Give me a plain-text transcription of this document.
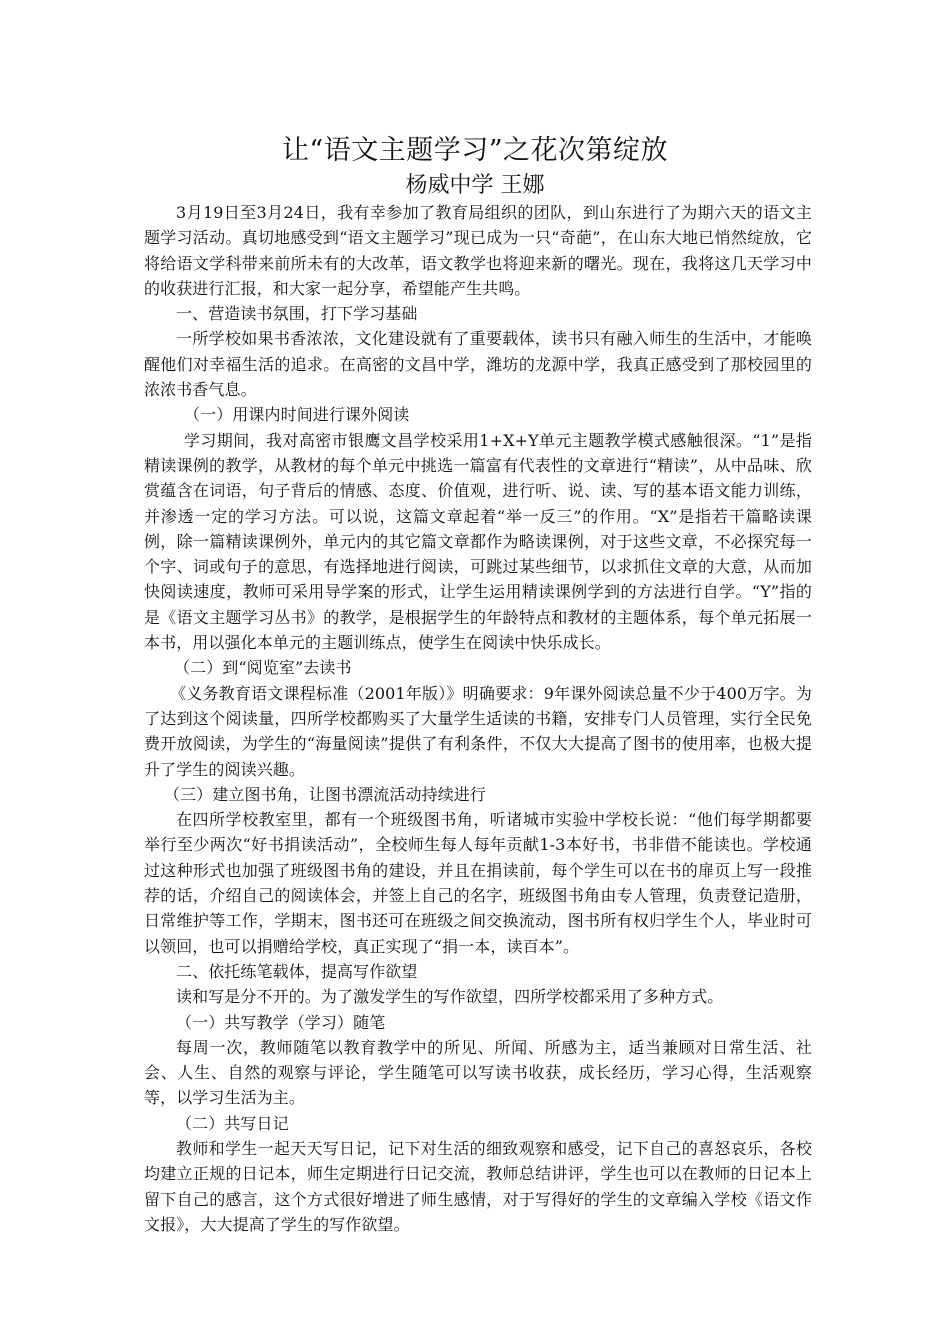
让“语文主题学习”之花次第绽放
杨威中学 王娜

3月19日至3月24日，我有幸参加了教育局组织的团队，到山东进行了为期六天的语文主题学习活动。真切地感受到“语文主题学习”现已成为一只“奇葩”，在山东大地已悄然绽放，它将给语文学科带来前所未有的大改革，语文教学也将迎来新的曙光。现在，我将这几天学习中的收获进行汇报，和大家一起分享，希望能产生共鸣。

一、营造读书氛围，打下学习基础

一所学校如果书香浓浓，文化建设就有了重要载体，读书只有融入师生的生活中，才能唤醒他们对幸福生活的追求。在高密的文昌中学，潍坊的龙源中学，我真正感受到了那校园里的浓浓书香气息。

（一）用课内时间进行课外阅读

学习期间，我对高密市银鹰文昌学校采用1+X+Y单元主题教学模式感触很深。“1”是指精读课例的教学，从教材的每个单元中挑选一篇富有代表性的文章进行“精读”，从中品味、欣赏蕴含在词语，句子背后的情感、态度、价值观，进行听、说、读、写的基本语文能力训练，并渗透一定的学习方法。可以说，这篇文章起着“举一反三”的作用。“X”是指若干篇略读课例，除一篇精读课例外，单元内的其它篇文章都作为略读课例，对于这些文章，不必探究每一个字、词或句子的意思，有选择地进行阅读，可跳过某些细节，以求抓住文章的大意，从而加快阅读速度，教师可采用导学案的形式，让学生运用精读课例学到的方法进行自学。“Y”指的是《语文主题学习丛书》的教学，是根据学生的年龄特点和教材的主题体系，每个单元拓展一本书，用以强化本单元的主题训练点，使学生在阅读中快乐成长。

（二）到“阅览室”去读书

《义务教育语文课程标准（2001年版）》明确要求：9年课外阅读总量不少于400万字。为了达到这个阅读量，四所学校都购买了大量学生适读的书籍，安排专门人员管理，实行全民免费开放阅读，为学生的“海量阅读”提供了有利条件，不仅大大提高了图书的使用率，也极大提升了学生的阅读兴趣。

（三）建立图书角，让图书漂流活动持续进行

在四所学校教室里，都有一个班级图书角，听诸城市实验中学校长说：“他们每学期都要举行至少两次“好书捐读活动”，全校师生每人每年贡献1-3本好书，书非借不能读也。学校通过这种形式也加强了班级图书角的建设，并且在捐读前，每个学生可以在书的扉页上写一段推荐的话，介绍自己的阅读体会，并签上自己的名字，班级图书角由专人管理，负责登记造册，日常维护等工作，学期末，图书还可在班级之间交换流动，图书所有权归学生个人，毕业时可以领回，也可以捐赠给学校，真正实现了“捐一本，读百本”。

二、依托练笔载体，提高写作欲望

读和写是分不开的。为了激发学生的写作欲望，四所学校都采用了多种方式。

（一）共写教学（学习）随笔

每周一次，教师随笔以教育教学中的所见、所闻、所感为主，适当兼顾对日常生活、社会、人生、自然的观察与评论，学生随笔可以写读书收获，成长经历，学习心得，生活观察等，以学习生活为主。

（二）共写日记

教师和学生一起天天写日记，记下对生活的细致观察和感受，记下自己的喜怒哀乐，各校均建立正规的日记本，师生定期进行日记交流，教师总结讲评，学生也可以在教师的日记本上留下自己的感言，这个方式很好增进了师生感情，对于写得好的学生的文章编入学校《语文作文报》，大大提高了学生的写作欲望。
